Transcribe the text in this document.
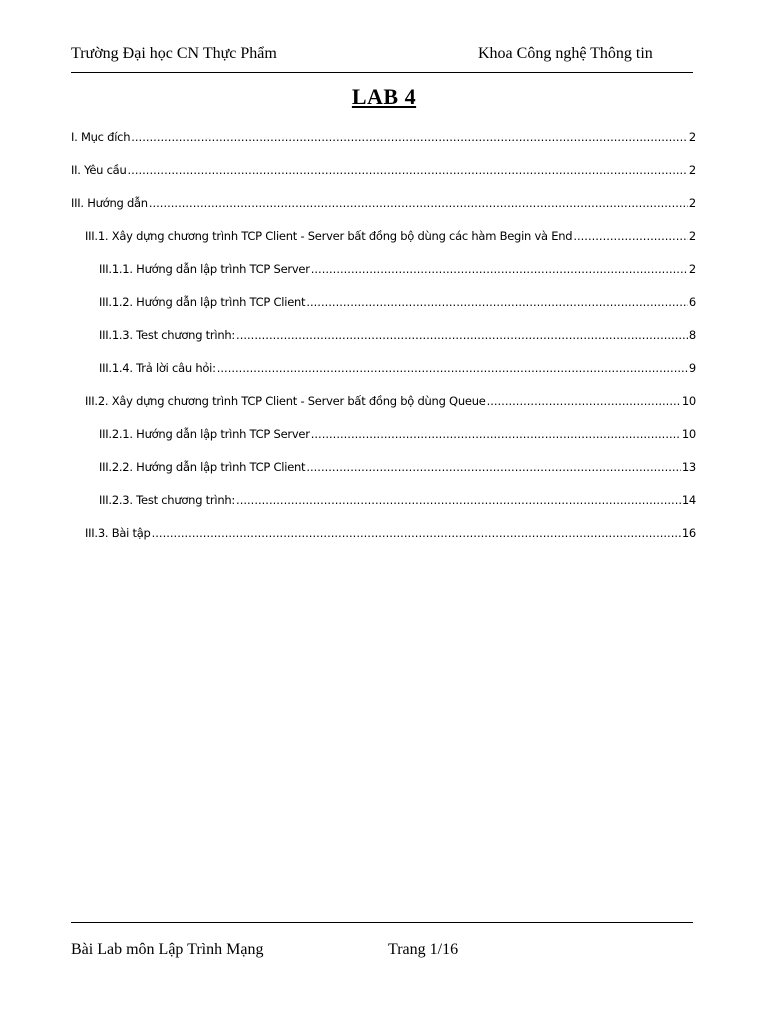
Trường Đại học CN Thực Phẩm	Khoa Công nghệ Thông tin
LAB 4
I. Mục đích .....	2
II. Yêu cầu .....	2
III. Hướng dẫn .....	2
III.1. Xây dựng chương trình TCP Client - Server bất đồng bộ dùng các hàm Begin và End .....	2
III.1.1. Hướng dẫn lập trình TCP Server .....	2
III.1.2. Hướng dẫn lập trình TCP Client .....	6
III.1.3. Test chương trình: .....	8
III.1.4. Trả lời câu hỏi: .....	9
III.2. Xây dựng chương trình TCP Client - Server bất đồng bộ dùng Queue .....	10
III.2.1. Hướng dẫn lập trình TCP Server .....	10
III.2.2. Hướng dẫn lập trình TCP Client .....	13
III.2.3. Test chương trình: .....	14
III.3. Bài tập .....	16
Bài Lab môn Lập Trình Mạng	Trang 1/16
